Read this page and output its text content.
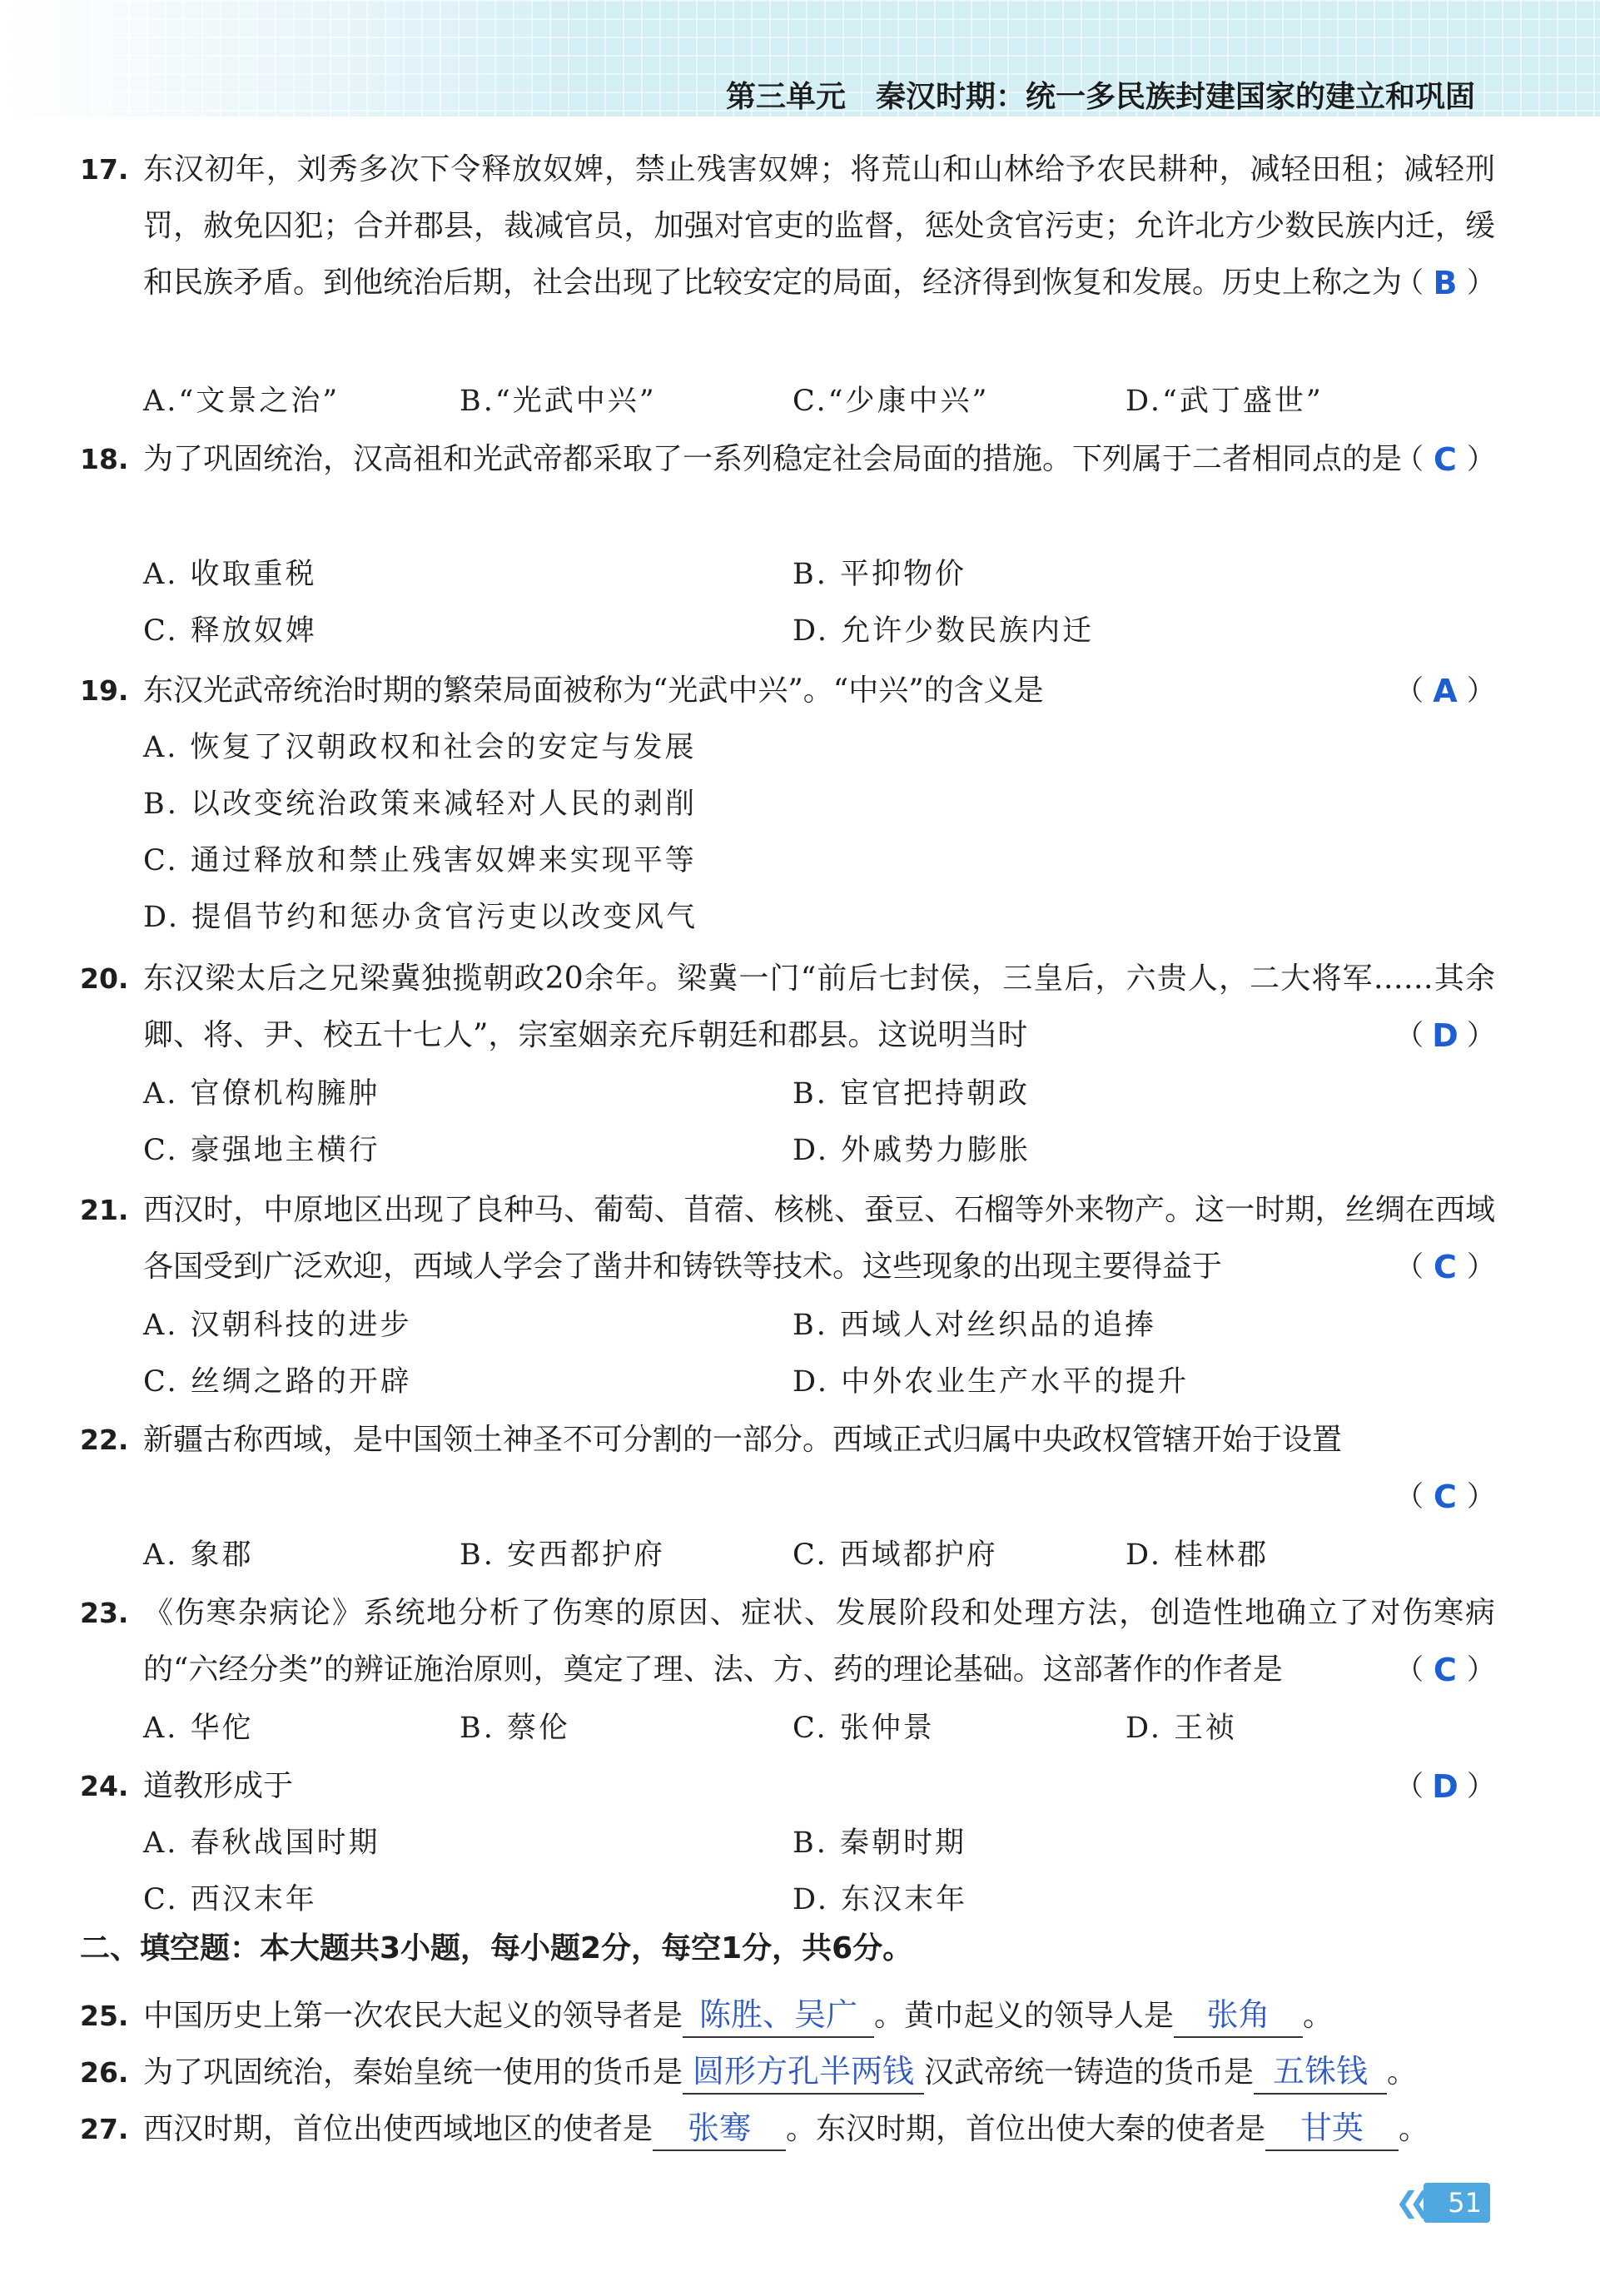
第三单元　秦汉时期：统一多民族封建国家的建立和巩固
17. 东汉初年，刘秀多次下令释放奴婢，禁止残害奴婢；将荒山和山林给予农民耕种，减轻田租；减轻刑罚，赦免囚犯；合并郡县，裁减官员，加强对官吏的监督，惩处贪官污吏；允许北方少数民族内迁，缓和民族矛盾。到他统治后期，社会出现了比较安定的局面，经济得到恢复和发展。历史上称之为
（ B ）
A.“文景之治”	B.“光武中兴”	C.“少康中兴”	D.“武丁盛世”
18. 为了巩固统治，汉高祖和光武帝都采取了一系列稳定社会局面的措施。下列属于二者相同点的是
（ C ）
A. 收取重税	B. 平抑物价
C. 释放奴婢	D. 允许少数民族内迁
19. 东汉光武帝统治时期的繁荣局面被称为“光武中兴”。“中兴”的含义是	（ A ）
A. 恢复了汉朝政权和社会的安定与发展
B. 以改变统治政策来减轻对人民的剥削
C. 通过释放和禁止残害奴婢来实现平等
D. 提倡节约和惩办贪官污吏以改变风气
20. 东汉梁太后之兄梁冀独揽朝政20余年。梁冀一门“前后七封侯，三皇后，六贵人，二大将军……其余卿、将、尹、校五十七人”，宗室姻亲充斥朝廷和郡县。这说明当时	（ D ）
A. 官僚机构臃肿	B. 宦官把持朝政
C. 豪强地主横行	D. 外戚势力膨胀
21. 西汉时，中原地区出现了良种马、葡萄、苜蓿、核桃、蚕豆、石榴等外来物产。这一时期，丝绸在西域各国受到广泛欢迎，西域人学会了凿井和铸铁等技术。这些现象的出现主要得益于	（ C ）
A. 汉朝科技的进步	B. 西域人对丝织品的追捧
C. 丝绸之路的开辟	D. 中外农业生产水平的提升
22. 新疆古称西域，是中国领土神圣不可分割的一部分。西域正式归属中央政权管辖开始于设置
（ C ）
A. 象郡	B. 安西都护府	C. 西域都护府	D. 桂林郡
23. 《伤寒杂病论》系统地分析了伤寒的原因、症状、发展阶段和处理方法，创造性地确立了对伤寒病的“六经分类”的辨证施治原则，奠定了理、法、方、药的理论基础。这部著作的作者是	（ C ）
A. 华佗	B. 蔡伦	C. 张仲景	D. 王祯
24. 道教形成于	（ D ）
A. 春秋战国时期	B. 秦朝时期
C. 西汉末年	D. 东汉末年
二、填空题：本大题共3小题，每小题2分，每空1分，共6分。
25. 中国历史上第一次农民大起义的领导者是 陈胜、吴广 。黄巾起义的领导人是 张角 。
26. 为了巩固统治，秦始皇统一使用的货币是 圆形方孔半两钱 汉武帝统一铸造的货币是 五铢钱 。
27. 西汉时期，首位出使西域地区的使者是 张骞 。东汉时期，首位出使大秦的使者是 甘英 。
❮❮ 51
